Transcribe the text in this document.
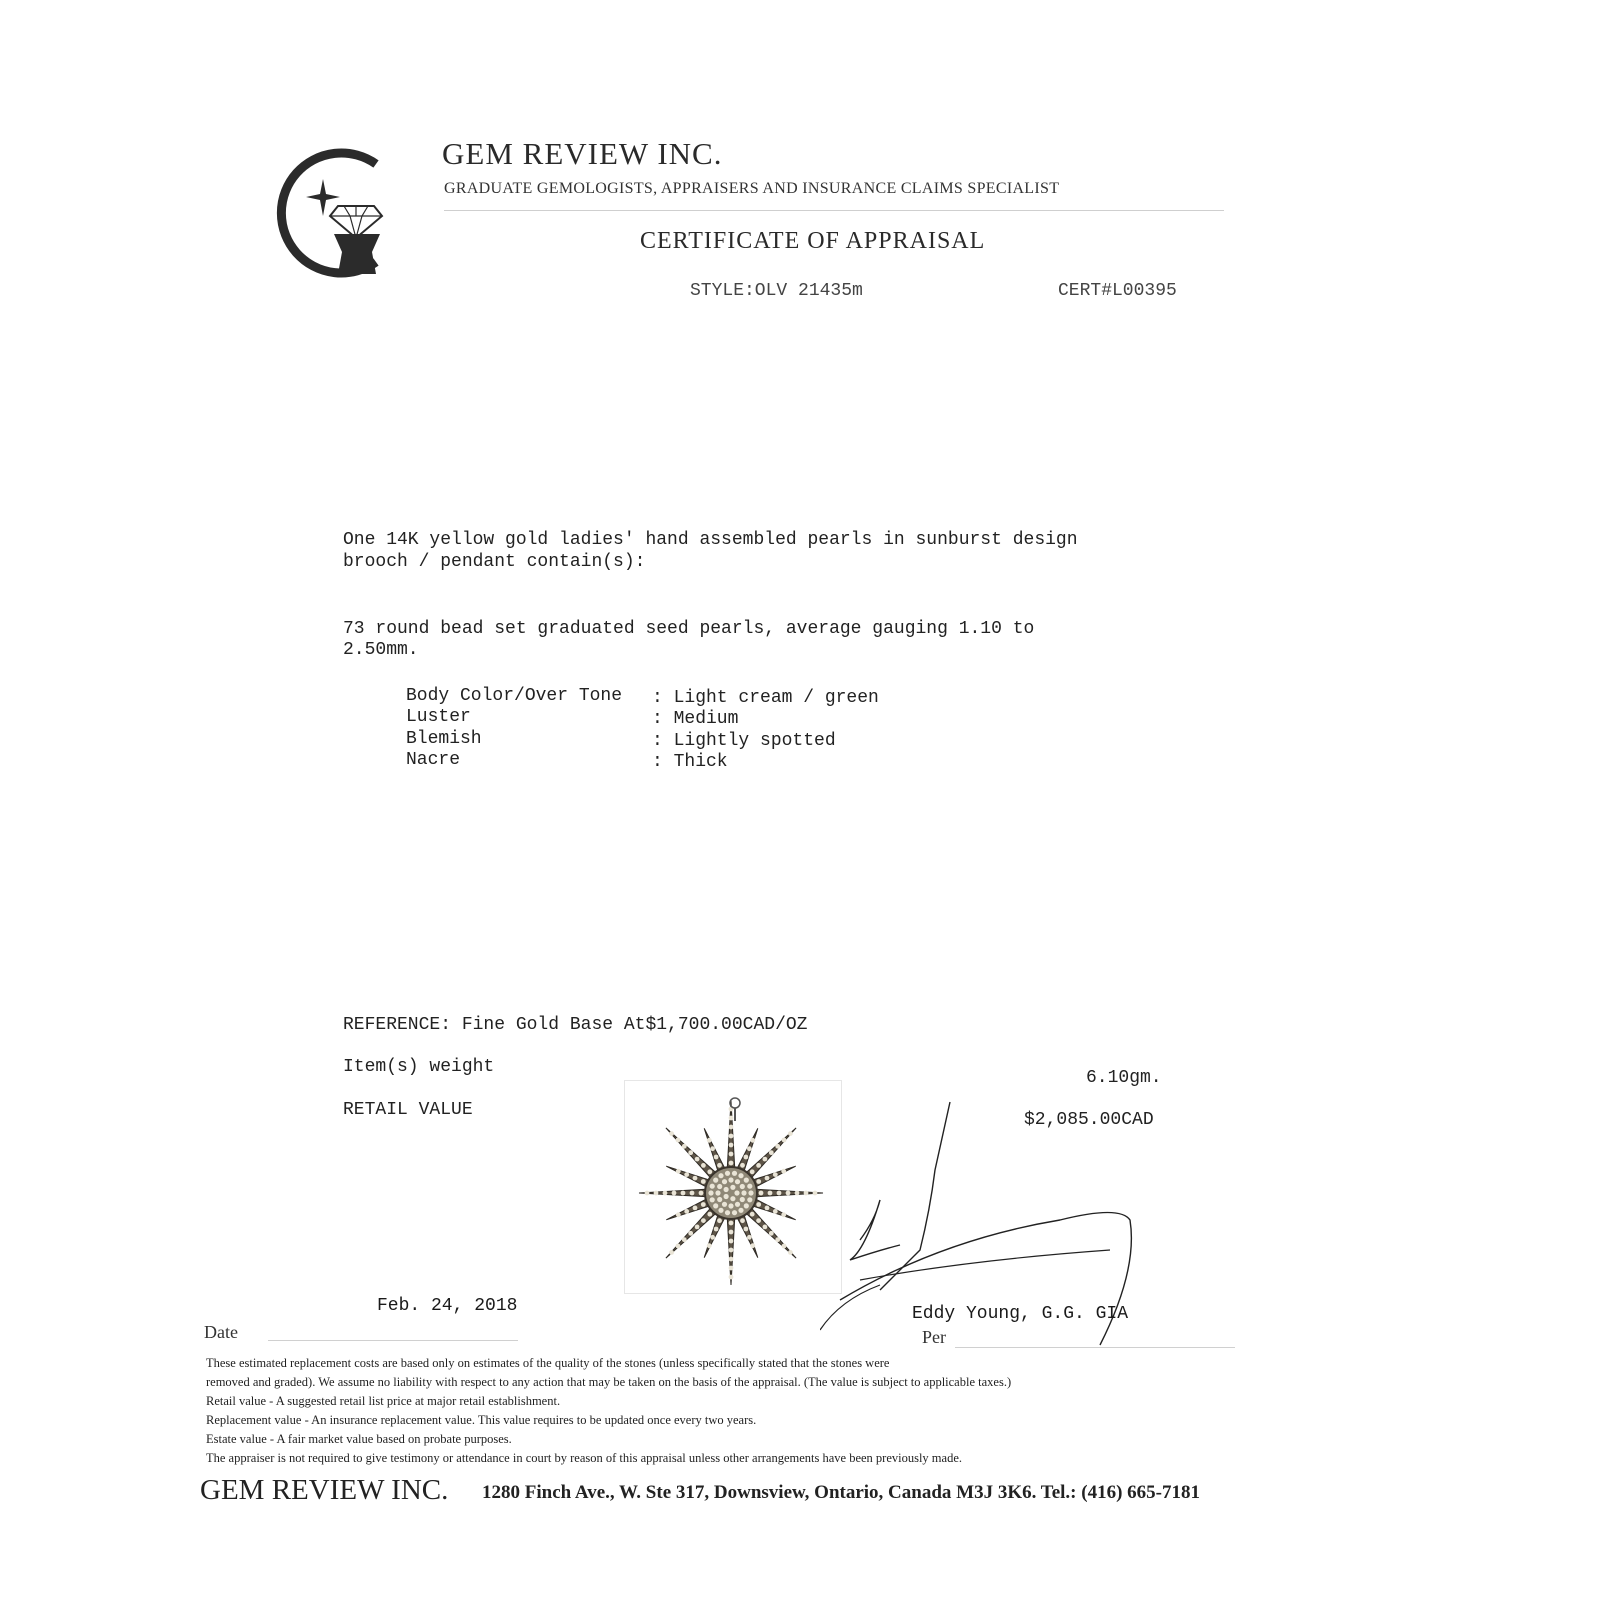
GEM REVIEW INC.
GRADUATE GEMOLOGISTS, APPRAISERS AND INSURANCE CLAIMS SPECIALIST
CERTIFICATE OF APPRAISAL
STYLE:OLV 21435m	CERT#L00395
One 14K yellow gold ladies' hand assembled pearls in sunburst design
brooch / pendant contain(s):
73 round bead set graduated seed pearls, average gauging 1.10 to
2.50mm.
Body Color/Over Tone : Light cream / green
Luster	: Medium
Blemish	: Lightly spotted
Nacre	: Thick
REFERENCE: Fine Gold Base At$1,700.00CAD/OZ
Item(s) weight
6.10gm.
RETAIL VALUE	$2,085.00CAD
Feb. 24, 2018	Eddy Young, G.G. GIA
Date	Per
These estimated replacement costs are based only on estimates of the quality of the stones (unless specifically stated that the stones were
removed and graded). We assume no liability with respect to any action that may be taken on the basis of the appraisal. (The value is subject to applicable taxes.)
Retail value - A suggested retail list price at major retail establishment.
Replacement value - An insurance replacement value. This value requires to be updated once every two years.
Estate value - A fair market value based on probate purposes.
The appraiser is not required to give testimony or attendance in court by reason of this appraisal unless other arrangements have been previously made.
GEM REVIEW INC. 1280 Finch Ave., W. Ste 317, Downsview, Ontario, Canada M3J 3K6. Tel.: (416) 665-7181
